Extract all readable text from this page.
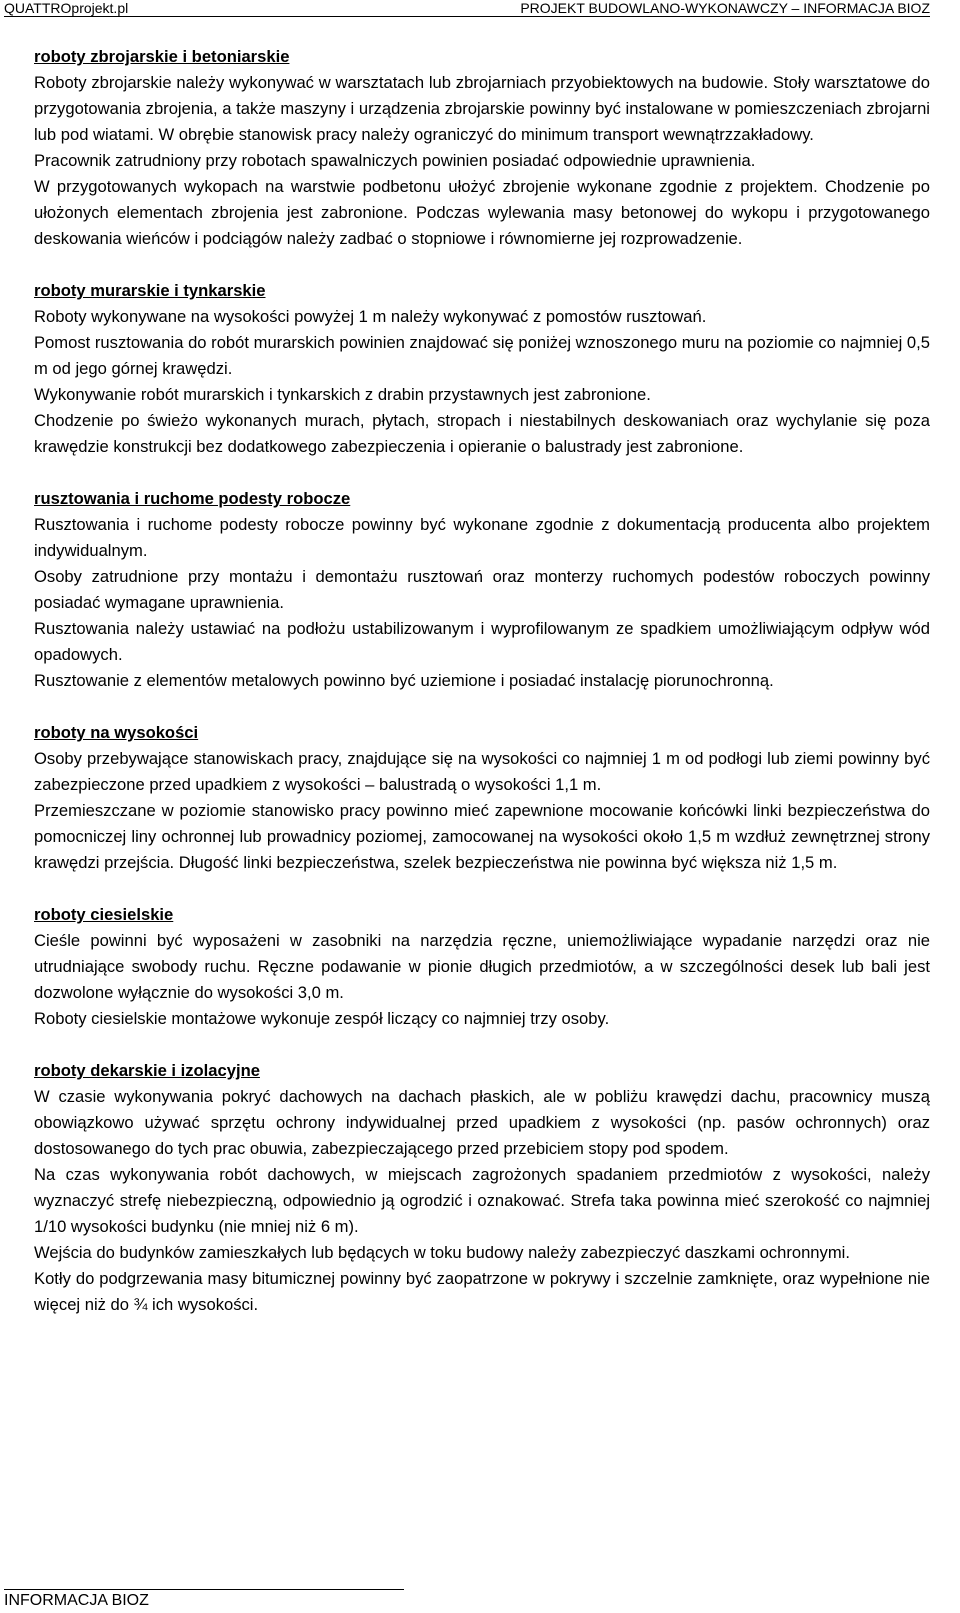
QUATTROprojekt.pl	PROJEKT BUDOWLANO-WYKONAWCZY – INFORMACJA BIOZ

roboty zbrojarskie i betoniarskie

Roboty zbrojarskie należy wykonywać w warsztatach lub zbrojarniach przyobiektowych na budowie. Stoły warsztatowe do przygotowania zbrojenia, a także maszyny i urządzenia zbrojarskie powinny być instalowane w pomieszczeniach zbrojarni lub pod wiatami. W obrębie stanowisk pracy należy ograniczyć do minimum transport wewnątrzzakładowy.

Pracownik zatrudniony przy robotach spawalniczych powinien posiadać odpowiednie uprawnienia.

W przygotowanych wykopach na warstwie podbetonu ułożyć zbrojenie wykonane zgodnie z projektem. Chodzenie po ułożonych elementach zbrojenia jest zabronione. Podczas wylewania masy betonowej do wykopu i przygotowanego deskowania wieńców i podciągów należy zadbać o stopniowe i równomierne jej rozprowadzenie.

roboty murarskie i tynkarskie

Roboty wykonywane na wysokości powyżej 1 m należy wykonywać z pomostów rusztowań.

Pomost rusztowania do robót murarskich powinien znajdować się poniżej wznoszonego muru na poziomie co najmniej 0,5 m od jego górnej krawędzi.

Wykonywanie robót murarskich i tynkarskich z drabin przystawnych jest zabronione.

Chodzenie po świeżo wykonanych murach, płytach, stropach i niestabilnych deskowaniach oraz wychylanie się poza krawędzie konstrukcji bez dodatkowego zabezpieczenia i opieranie o balustrady jest zabronione.

rusztowania i ruchome podesty robocze

Rusztowania i ruchome podesty robocze powinny być wykonane zgodnie z dokumentacją producenta albo projektem indywidualnym.

Osoby zatrudnione przy montażu i demontażu rusztowań oraz monterzy ruchomych podestów roboczych powinny posiadać wymagane uprawnienia.

Rusztowania należy ustawiać na podłożu ustabilizowanym i wyprofilowanym ze spadkiem umożliwiającym odpływ wód opadowych.

Rusztowanie z elementów metalowych powinno być uziemione i posiadać instalację piorunochronną.

roboty na wysokości

Osoby przebywające stanowiskach pracy, znajdujące się na wysokości co najmniej 1 m od podłogi lub ziemi powinny być zabezpieczone przed upadkiem z wysokości – balustradą o wysokości 1,1 m.

Przemieszczane w poziomie stanowisko pracy powinno mieć zapewnione mocowanie końcówki linki bezpieczeństwa do pomocniczej liny ochronnej lub prowadnicy poziomej, zamocowanej na wysokości około 1,5 m wzdłuż zewnętrznej strony krawędzi przejścia. Długość linki bezpieczeństwa, szelek bezpieczeństwa nie powinna być większa niż 1,5 m.

roboty ciesielskie

Cieśle powinni być wyposażeni w zasobniki na narzędzia ręczne, uniemożliwiające wypadanie narzędzi oraz nie utrudniające swobody ruchu. Ręczne podawanie w pionie długich przedmiotów, a w szczególności desek lub bali jest dozwolone wyłącznie do wysokości 3,0 m.

Roboty ciesielskie montażowe wykonuje zespół liczący co najmniej trzy osoby.

roboty dekarskie i izolacyjne

W czasie wykonywania pokryć dachowych na dachach płaskich, ale w pobliżu krawędzi dachu, pracownicy muszą obowiązkowo używać sprzętu ochrony indywidualnej przed upadkiem z wysokości (np. pasów ochronnych) oraz dostosowanego do tych prac obuwia, zabezpieczającego przed przebiciem stopy pod spodem.

Na czas wykonywania robót dachowych, w miejscach zagrożonych spadaniem przedmiotów z wysokości, należy wyznaczyć strefę niebezpieczną, odpowiednio ją ogrodzić i oznakować. Strefa taka powinna mieć szerokość co najmniej 1/10 wysokości budynku (nie mniej niż 6 m).

Wejścia do budynków zamieszkałych lub będących w toku budowy należy zabezpieczyć daszkami ochronnymi.

Kotły do podgrzewania masy bitumicznej powinny być zaopatrzone w pokrywy i szczelnie zamknięte, oraz wypełnione nie więcej niż do ¾ ich wysokości.

INFORMACJA BIOZ
